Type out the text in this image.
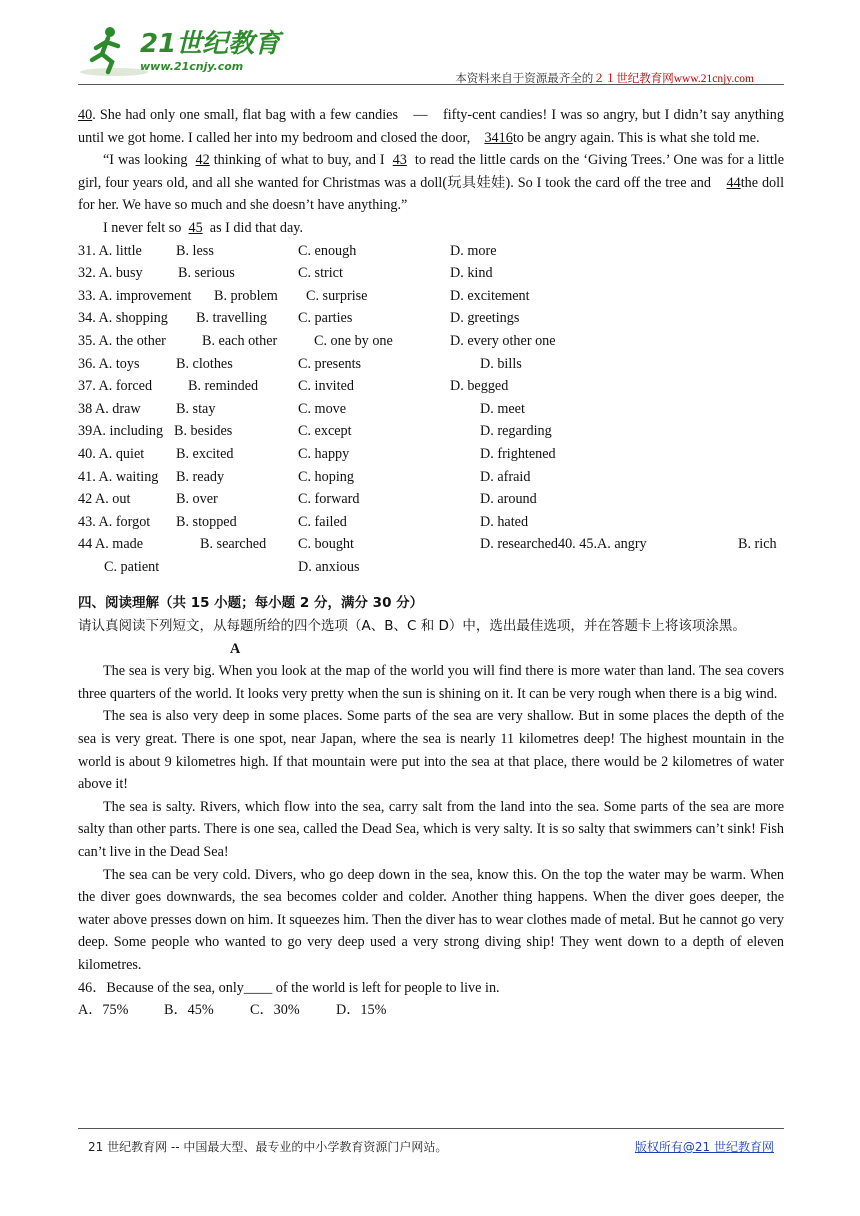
21世纪教育
www.21cnjy.com
本资料来自于资源最齐全的２１世纪教育网www.21cnjy.com

40. She had only one small, flat bag with a few candies　—　fifty-cent candies! I was so angry, but I didn’t say anything until we got home. I called her into my bedroom and closed the door, 3416to be angry again. This is what she told me.

“I was looking 42 thinking of what to buy, and I 43 to read the little cards on the ‘Giving Trees.’ One was for a little girl, four years old, and all she wanted for Christmas was a doll(玩具娃娃). So I took the card off the tree and 44the doll for her. We have so much and she doesn’t have anything.”

I never felt so 45 as I did that day.

31. A. little B. less	C. enough	D. more
32. A. busy B. serious	C. strict	D. kind
33. A. improvement B. problem C. surprise	D. excitement
34. A. shopping B. travelling C. parties	D. greetings
35. A. the other	B. each other	C. one by one	D. every other one
36. A. toys	B. clothes	C. presents	D. bills
37. A. forced	B. reminded	C. invited	D. begged
38 A. draw B. stay	C. move	D. meet
39A. including B. besides	C. except	D. regarding
40. A. quiet B. excited	C. happy	D. frightened
41. A. waiting B. ready	C. hoping	D. afraid
42 A. out	B. over	C. forward	D. around
43. A. forgot B. stopped	C. failed	D. hated
44 A. made	B. searched C. bought	D. researched40. 45.A. angry	B. rich
C. patient	D. anxious
四、阅读理解（共 15 小题；每小题 2 分，满分 30 分）

请认真阅读下列短文，从每题所给的四个选项（A、B、C 和 D）中，选出最佳选项，并在答题卡上将该项涂黑。

A

The sea is very big. When you look at the map of the world you will find there is more water than land. The sea covers three quarters of the world. It looks very pretty when the sun is shining on it. It can be very rough when there is a big wind.

The sea is also very deep in some places. Some parts of the sea are very shallow. But in some places the depth of the sea is very great. There is one spot, near Japan, where the sea is nearly 11 kilometres deep! The highest mountain in the world is about 9 kilometres high. If that mountain were put into the sea at that place, there would be 2 kilometres of water above it!

The sea is salty. Rivers, which flow into the sea, carry salt from the land into the sea. Some parts of the sea are more salty than other parts. There is one sea, called the Dead Sea, which is very salty. It is so salty that swimmers can’t sink! Fish can’t live in the Dead Sea!

The sea can be very cold. Divers, who go deep down in the sea, know this. On the top the water may be warm. When the diver goes downwards, the sea becomes colder and colder. Another thing happens. When the diver goes deeper, the water above presses down on him. It squeezes him. Then the diver has to wear clothes made of metal. But he cannot go very deep. Some people who wanted to go very deep used a very strong diving ship! They went down to a depth of eleven kilometres.

46．Because of the sea, only____ of the world is left for people to live in.

A．75%	B．45%	C．30%	D．15%
21 世纪教育网 -- 中国最大型、最专业的中小学教育资源门户网站。	版权所有@21 世纪教育网
